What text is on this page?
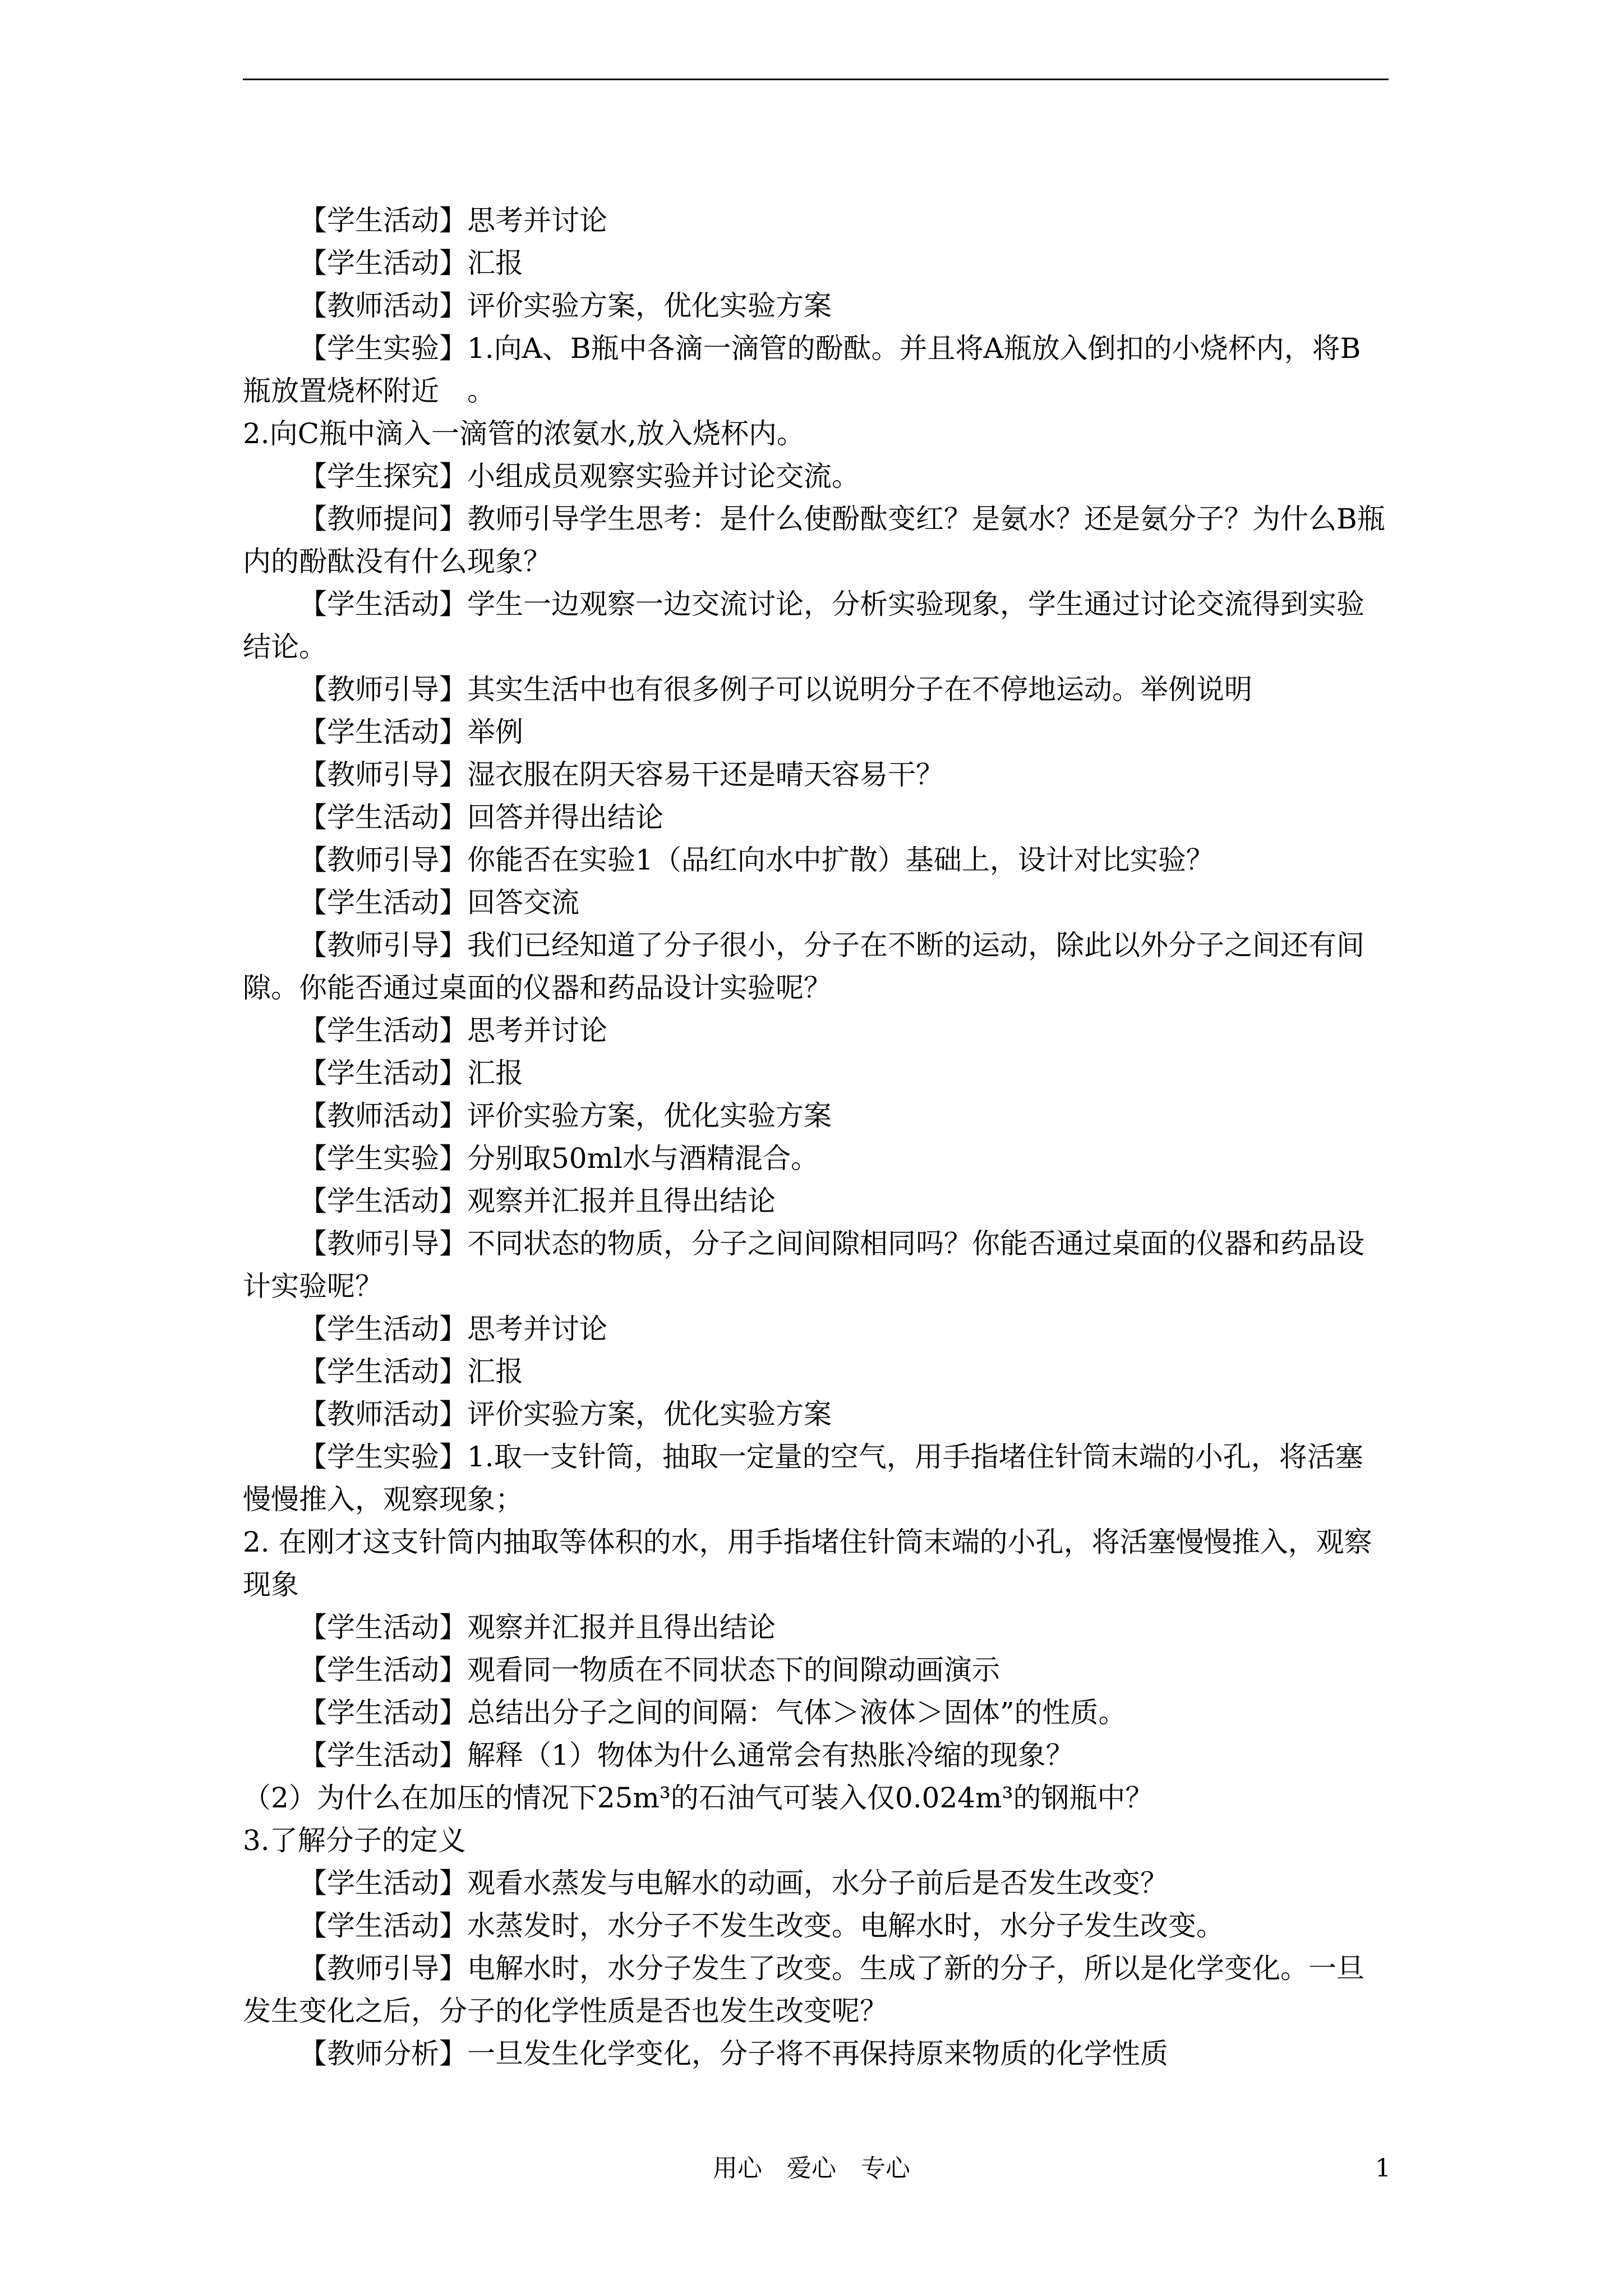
【学生活动】思考并讨论

【学生活动】汇报

【教师活动】评价实验方案，优化实验方案

【学生实验】1.向A、B瓶中各滴一滴管的酚酞。并且将A瓶放入倒扣的小烧杯内，将B瓶放置烧杯附近　。

2.向C瓶中滴入一滴管的浓氨水,放入烧杯内。

【学生探究】小组成员观察实验并讨论交流。

【教师提问】教师引导学生思考：是什么使酚酞变红？是氨水？还是氨分子？为什么B瓶内的酚酞没有什么现象？

【学生活动】学生一边观察一边交流讨论，分析实验现象，学生通过讨论交流得到实验结论。

【教师引导】其实生活中也有很多例子可以说明分子在不停地运动。举例说明

【学生活动】举例

【教师引导】湿衣服在阴天容易干还是晴天容易干？

【学生活动】回答并得出结论

【教师引导】你能否在实验1（品红向水中扩散）基础上，设计对比实验？

【学生活动】回答交流

【教师引导】我们已经知道了分子很小，分子在不断的运动，除此以外分子之间还有间隙。你能否通过桌面的仪器和药品设计实验呢？

【学生活动】思考并讨论

【学生活动】汇报

【教师活动】评价实验方案，优化实验方案

【学生实验】分别取50ml水与酒精混合。

【学生活动】观察并汇报并且得出结论

【教师引导】不同状态的物质，分子之间间隙相同吗？你能否通过桌面的仪器和药品设计实验呢？

【学生活动】思考并讨论

【学生活动】汇报

【教师活动】评价实验方案，优化实验方案

【学生实验】1.取一支针筒，抽取一定量的空气，用手指堵住针筒末端的小孔，将活塞慢慢推入，观察现象；

2. 在刚才这支针筒内抽取等体积的水，用手指堵住针筒末端的小孔，将活塞慢慢推入，观察现象

【学生活动】观察并汇报并且得出结论

【学生活动】观看同一物质在不同状态下的间隙动画演示

【学生活动】总结出分子之间的间隔：气体＞液体＞固体”的性质。

【学生活动】解释（1）物体为什么通常会有热胀冷缩的现象？

（2）为什么在加压的情况下25m³的石油气可装入仅0.024m³的钢瓶中？

3.了解分子的定义

【学生活动】观看水蒸发与电解水的动画，水分子前后是否发生改变？

【学生活动】水蒸发时，水分子不发生改变。电解水时，水分子发生改变。

【教师引导】电解水时，水分子发生了改变。生成了新的分子，所以是化学变化。一旦发生变化之后，分子的化学性质是否也发生改变呢？

【教师分析】一旦发生化学变化，分子将不再保持原来物质的化学性质

用心　爱心　专心	1
